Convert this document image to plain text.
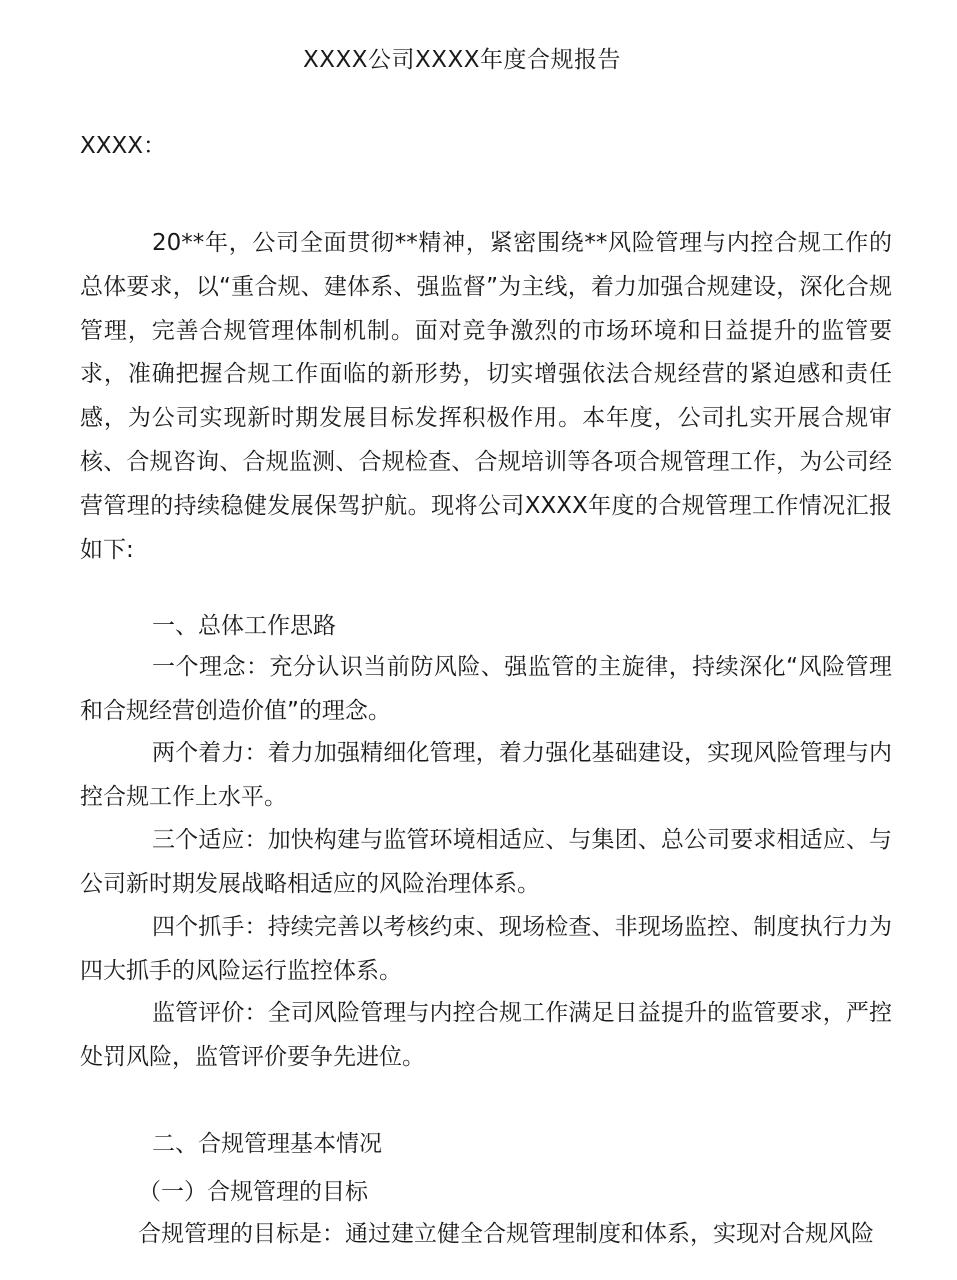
XXXX公司XXXX年度合规报告
XXXX：

20**年，公司全面贯彻**精神，紧密围绕**风险管理与内控合规工作的总体要求，以“重合规、建体系、强监督”为主线，着力加强合规建设，深化合规管理，完善合规管理体制机制。面对竞争激烈的市场环境和日益提升的监管要求，准确把握合规工作面临的新形势，切实增强依法合规经营的紧迫感和责任感，为公司实现新时期发展目标发挥积极作用。本年度，公司扎实开展合规审核、合规咨询、合规监测、合规检查、合规培训等各项合规管理工作，为公司经营管理的持续稳健发展保驾护航。现将公司XXXX年度的合规管理工作情况汇报如下:

一、总体工作思路

一个理念：充分认识当前防风险、强监管的主旋律，持续深化“风险管理和合规经营创造价值”的理念。

两个着力：着力加强精细化管理，着力强化基础建设，实现风险管理与内控合规工作上水平。

三个适应：加快构建与监管环境相适应、与集团、总公司要求相适应、与公司新时期发展战略相适应的风险治理体系。

四个抓手：持续完善以考核约束、现场检查、非现场监控、制度执行力为四大抓手的风险运行监控体系。

监管评价：全司风险管理与内控合规工作满足日益提升的监管要求，严控处罚风险，监管评价要争先进位。

二、合规管理基本情况

（一）合规管理的目标

合规管理的目标是：通过建立健全合规管理制度和体系，实现对合规风险
